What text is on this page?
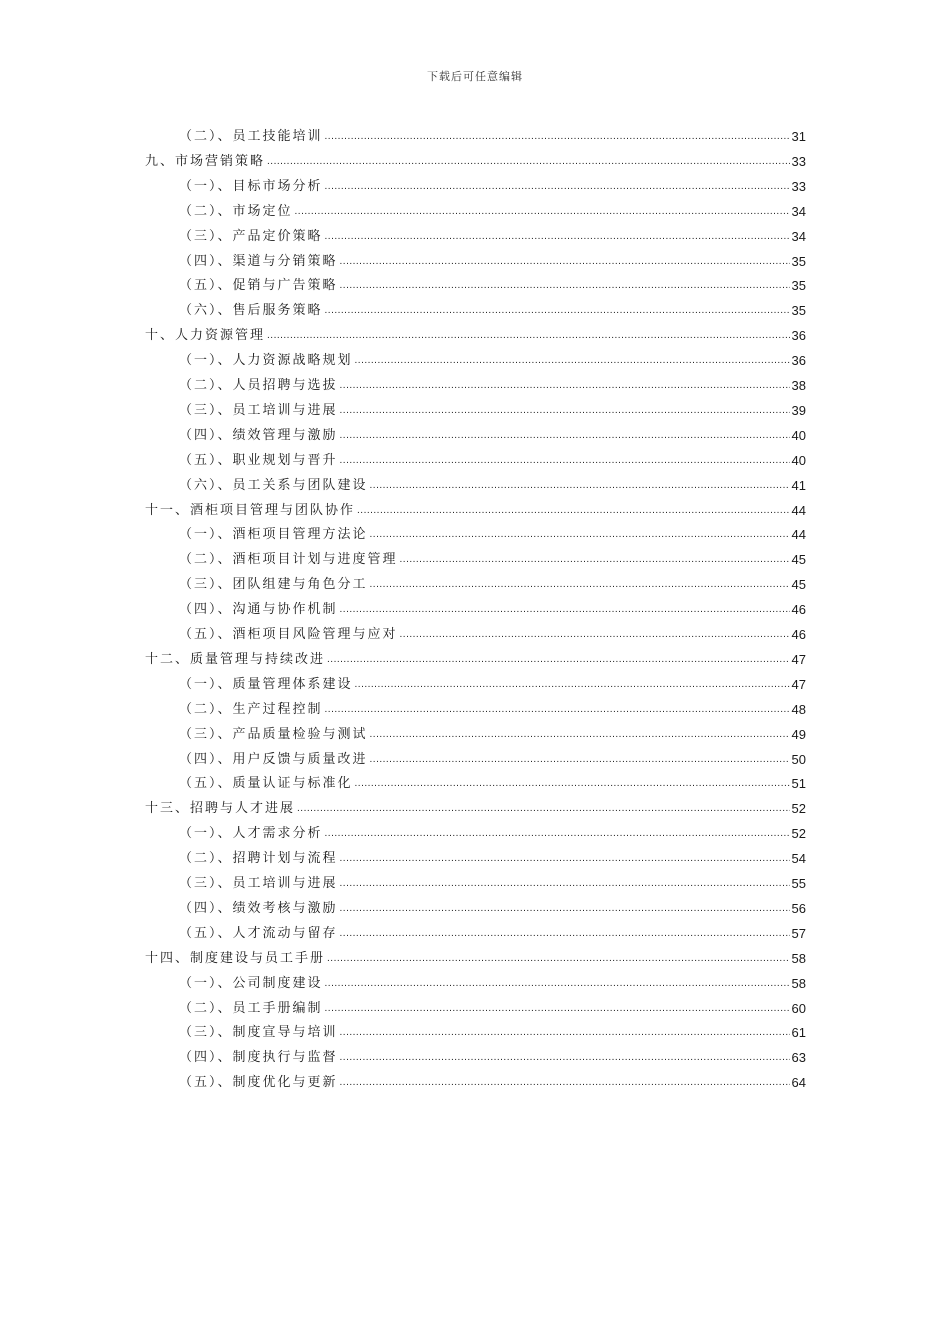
下载后可任意编辑
（二）、员工技能培训 .....	31
九、市场营销策略 .....	33
（一）、目标市场分析 .....	33
（二）、市场定位 .....	34
（三）、产品定价策略 .....	34
（四）、渠道与分销策略 .....	35
（五）、促销与广告策略 .....	35
（六）、售后服务策略 .....	35
十、人力资源管理 .....	36
（一）、人力资源战略规划 .....	36
（二）、人员招聘与选拔 .....	38
（三）、员工培训与进展 .....	39
（四）、绩效管理与激励 .....	40
（五）、职业规划与晋升 .....	40
（六）、员工关系与团队建设 .....	41
十一、酒柜项目管理与团队协作 .....	44
（一）、酒柜项目管理方法论 .....	44
（二）、酒柜项目计划与进度管理 .....	45
（三）、团队组建与角色分工 .....	45
（四）、沟通与协作机制 .....	46
（五）、酒柜项目风险管理与应对 .....	46
十二、质量管理与持续改进 .....	47
（一）、质量管理体系建设 .....	47
（二）、生产过程控制 .....	48
（三）、产品质量检验与测试 .....	49
（四）、用户反馈与质量改进 .....	50
（五）、质量认证与标准化 .....	51
十三、招聘与人才进展 .....	52
（一）、人才需求分析 .....	52
（二）、招聘计划与流程 .....	54
（三）、员工培训与进展 .....	55
（四）、绩效考核与激励 .....	56
（五）、人才流动与留存 .....	57
十四、制度建设与员工手册 .....	58
（一）、公司制度建设 .....	58
（二）、员工手册编制 .....	60
（三）、制度宣导与培训 .....	61
（四）、制度执行与监督 .....	63
（五）、制度优化与更新 .....	64
